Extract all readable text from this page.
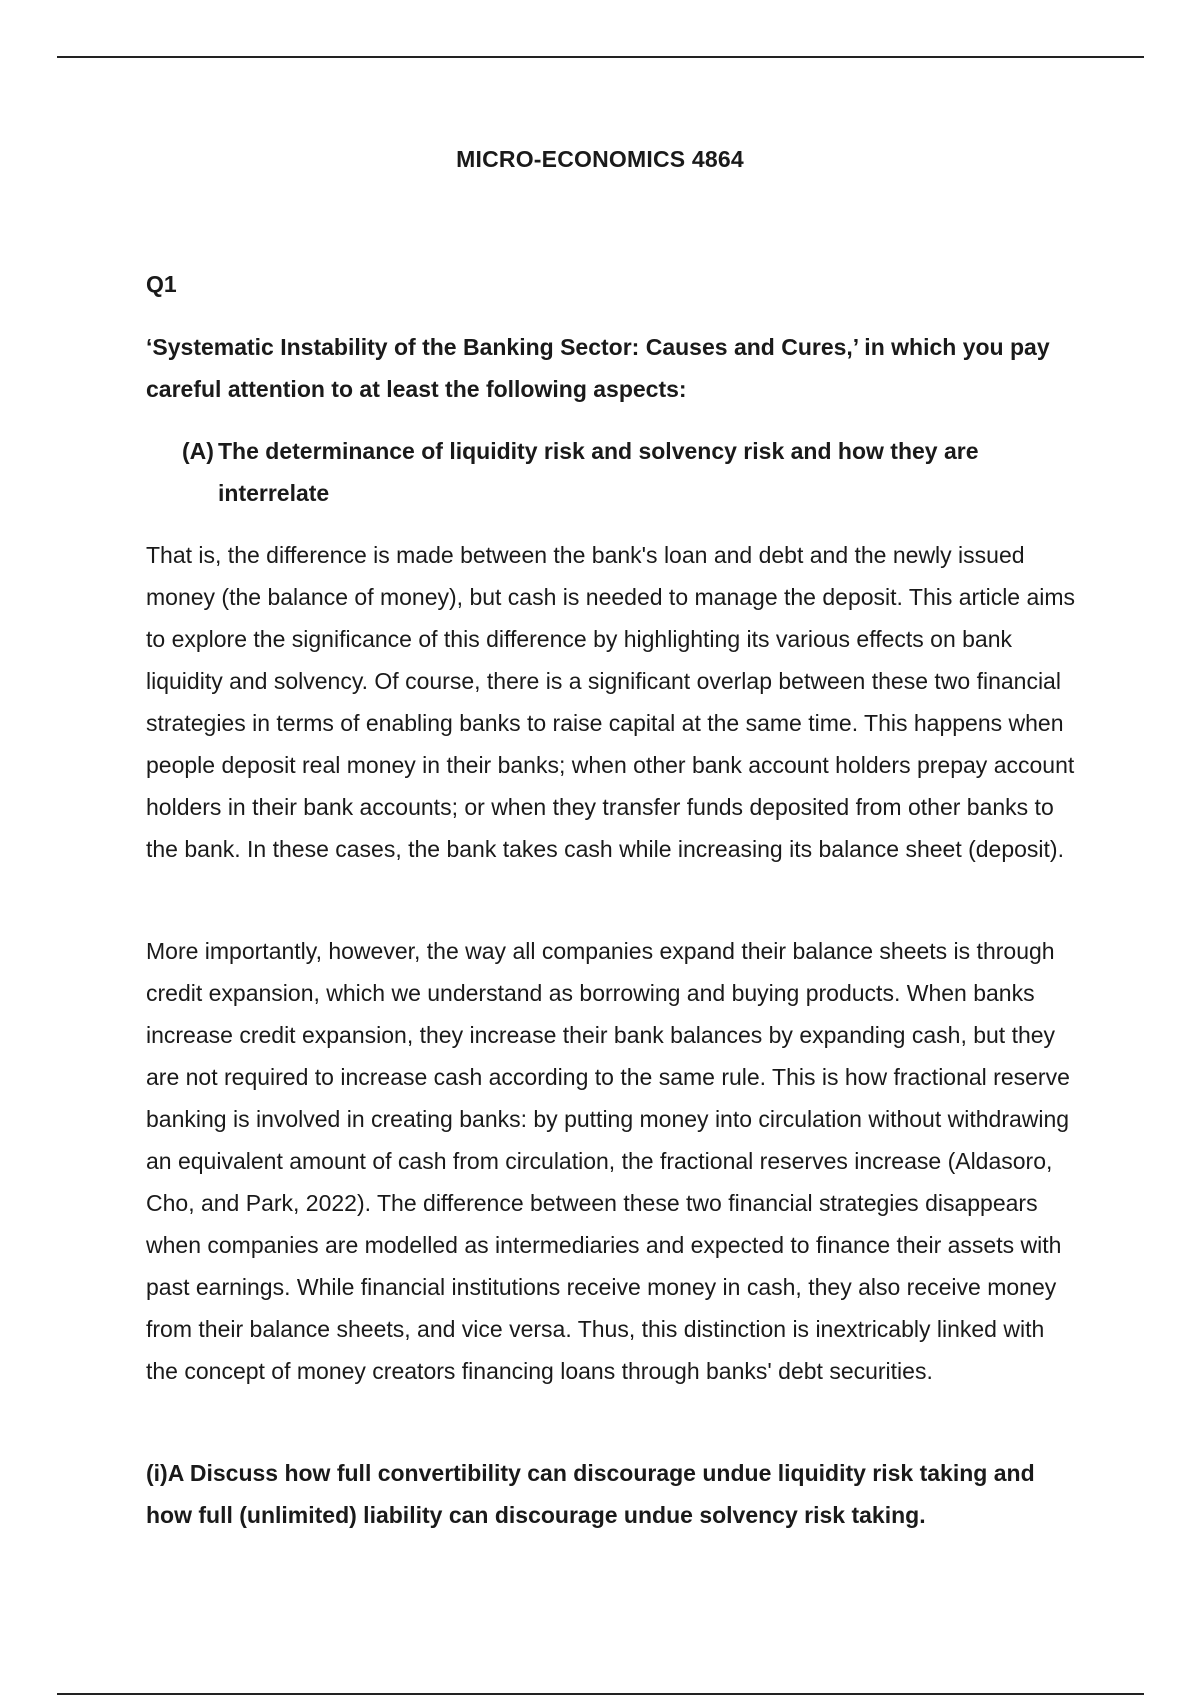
MICRO-ECONOMICS 4864
Q1

‘Systematic Instability of the Banking Sector: Causes and Cures,’ in which you pay careful attention to at least the following aspects:

(A) The determinance of liquidity risk and solvency risk and how they are interrelate

That is, the difference is made between the bank's loan and debt and the newly issued money (the balance of money), but cash is needed to manage the deposit. This article aims to explore the significance of this difference by highlighting its various effects on bank liquidity and solvency. Of course, there is a significant overlap between these two financial strategies in terms of enabling banks to raise capital at the same time. This happens when people deposit real money in their banks; when other bank account holders prepay account holders in their bank accounts; or when they transfer funds deposited from other banks to the bank. In these cases, the bank takes cash while increasing its balance sheet (deposit).

More importantly, however, the way all companies expand their balance sheets is through credit expansion, which we understand as borrowing and buying products. When banks increase credit expansion, they increase their bank balances by expanding cash, but they are not required to increase cash according to the same rule. This is how fractional reserve banking is involved in creating banks: by putting money into circulation without withdrawing an equivalent amount of cash from circulation, the fractional reserves increase (Aldasoro, Cho, and Park, 2022). The difference between these two financial strategies disappears when companies are modelled as intermediaries and expected to finance their assets with past earnings. While financial institutions receive money in cash, they also receive money from their balance sheets, and vice versa. Thus, this distinction is inextricably linked with the concept of money creators financing loans through banks' debt securities.

(i)A Discuss how full convertibility can discourage undue liquidity risk taking and how full (unlimited) liability can discourage undue solvency risk taking.
